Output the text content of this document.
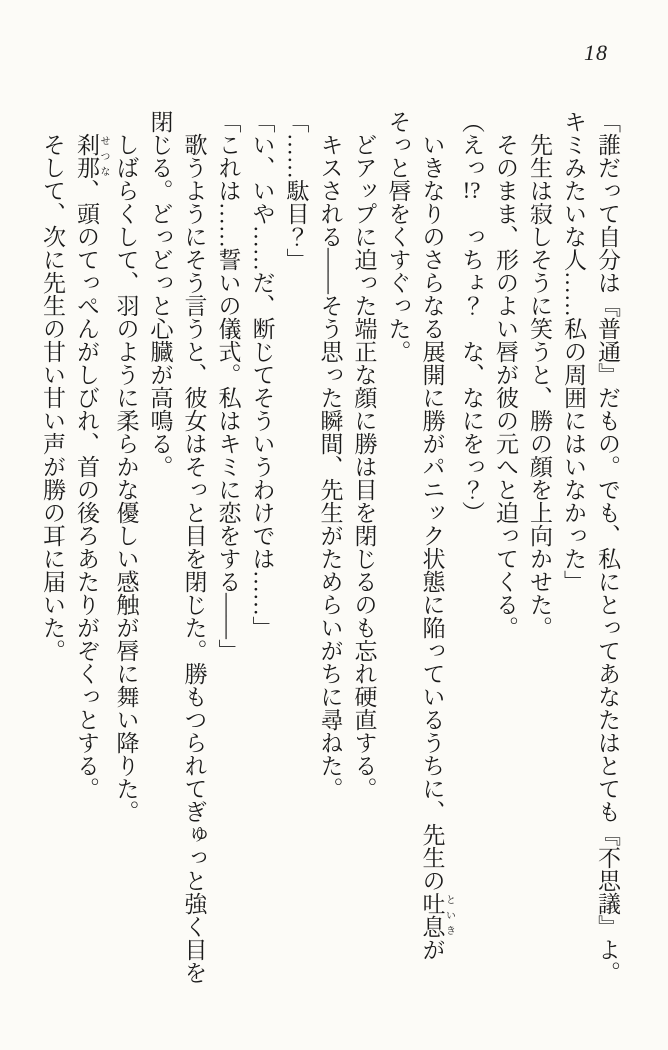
18

「誰だって自分は『普通』だもの。でも、私にとってあなたはとても『不思議』よ。キミみたいな人……私の周囲にはいなかった」

先生は寂しそうに笑うと、勝の顔を上向かせた。

そのまま、形のよい唇が彼の元へと迫ってくる。

（えっ!?　っちょ？　な、なにをっ？）

いきなりのさらなる展開に勝がパニック状態に陥っているうちに、先生の吐息 といきがそっと唇をくすぐった。

どアップに迫った端正な顔に勝は目を閉じるのも忘れ硬直する。

キスされる――そう思った瞬間、先生がためらいがちに尋ねた。

「……駄目？」

「い、いや……だ、断じてそういうわけでは……」

「これは……誓いの儀式。私はキミに恋をする――」

歌うようにそう言うと、彼女はそっと目を閉じた。勝もつられてぎゅっと強く目を閉じる。どっどっと心臓が高鳴る。

しばらくして、羽のように柔らかな優しい感触が唇に舞い降りた。

刹那 せつな、頭のてっぺんがしびれ、首の後ろあたりがぞくっとする。

そして、次に先生の甘い甘い声が勝の耳に届いた。
